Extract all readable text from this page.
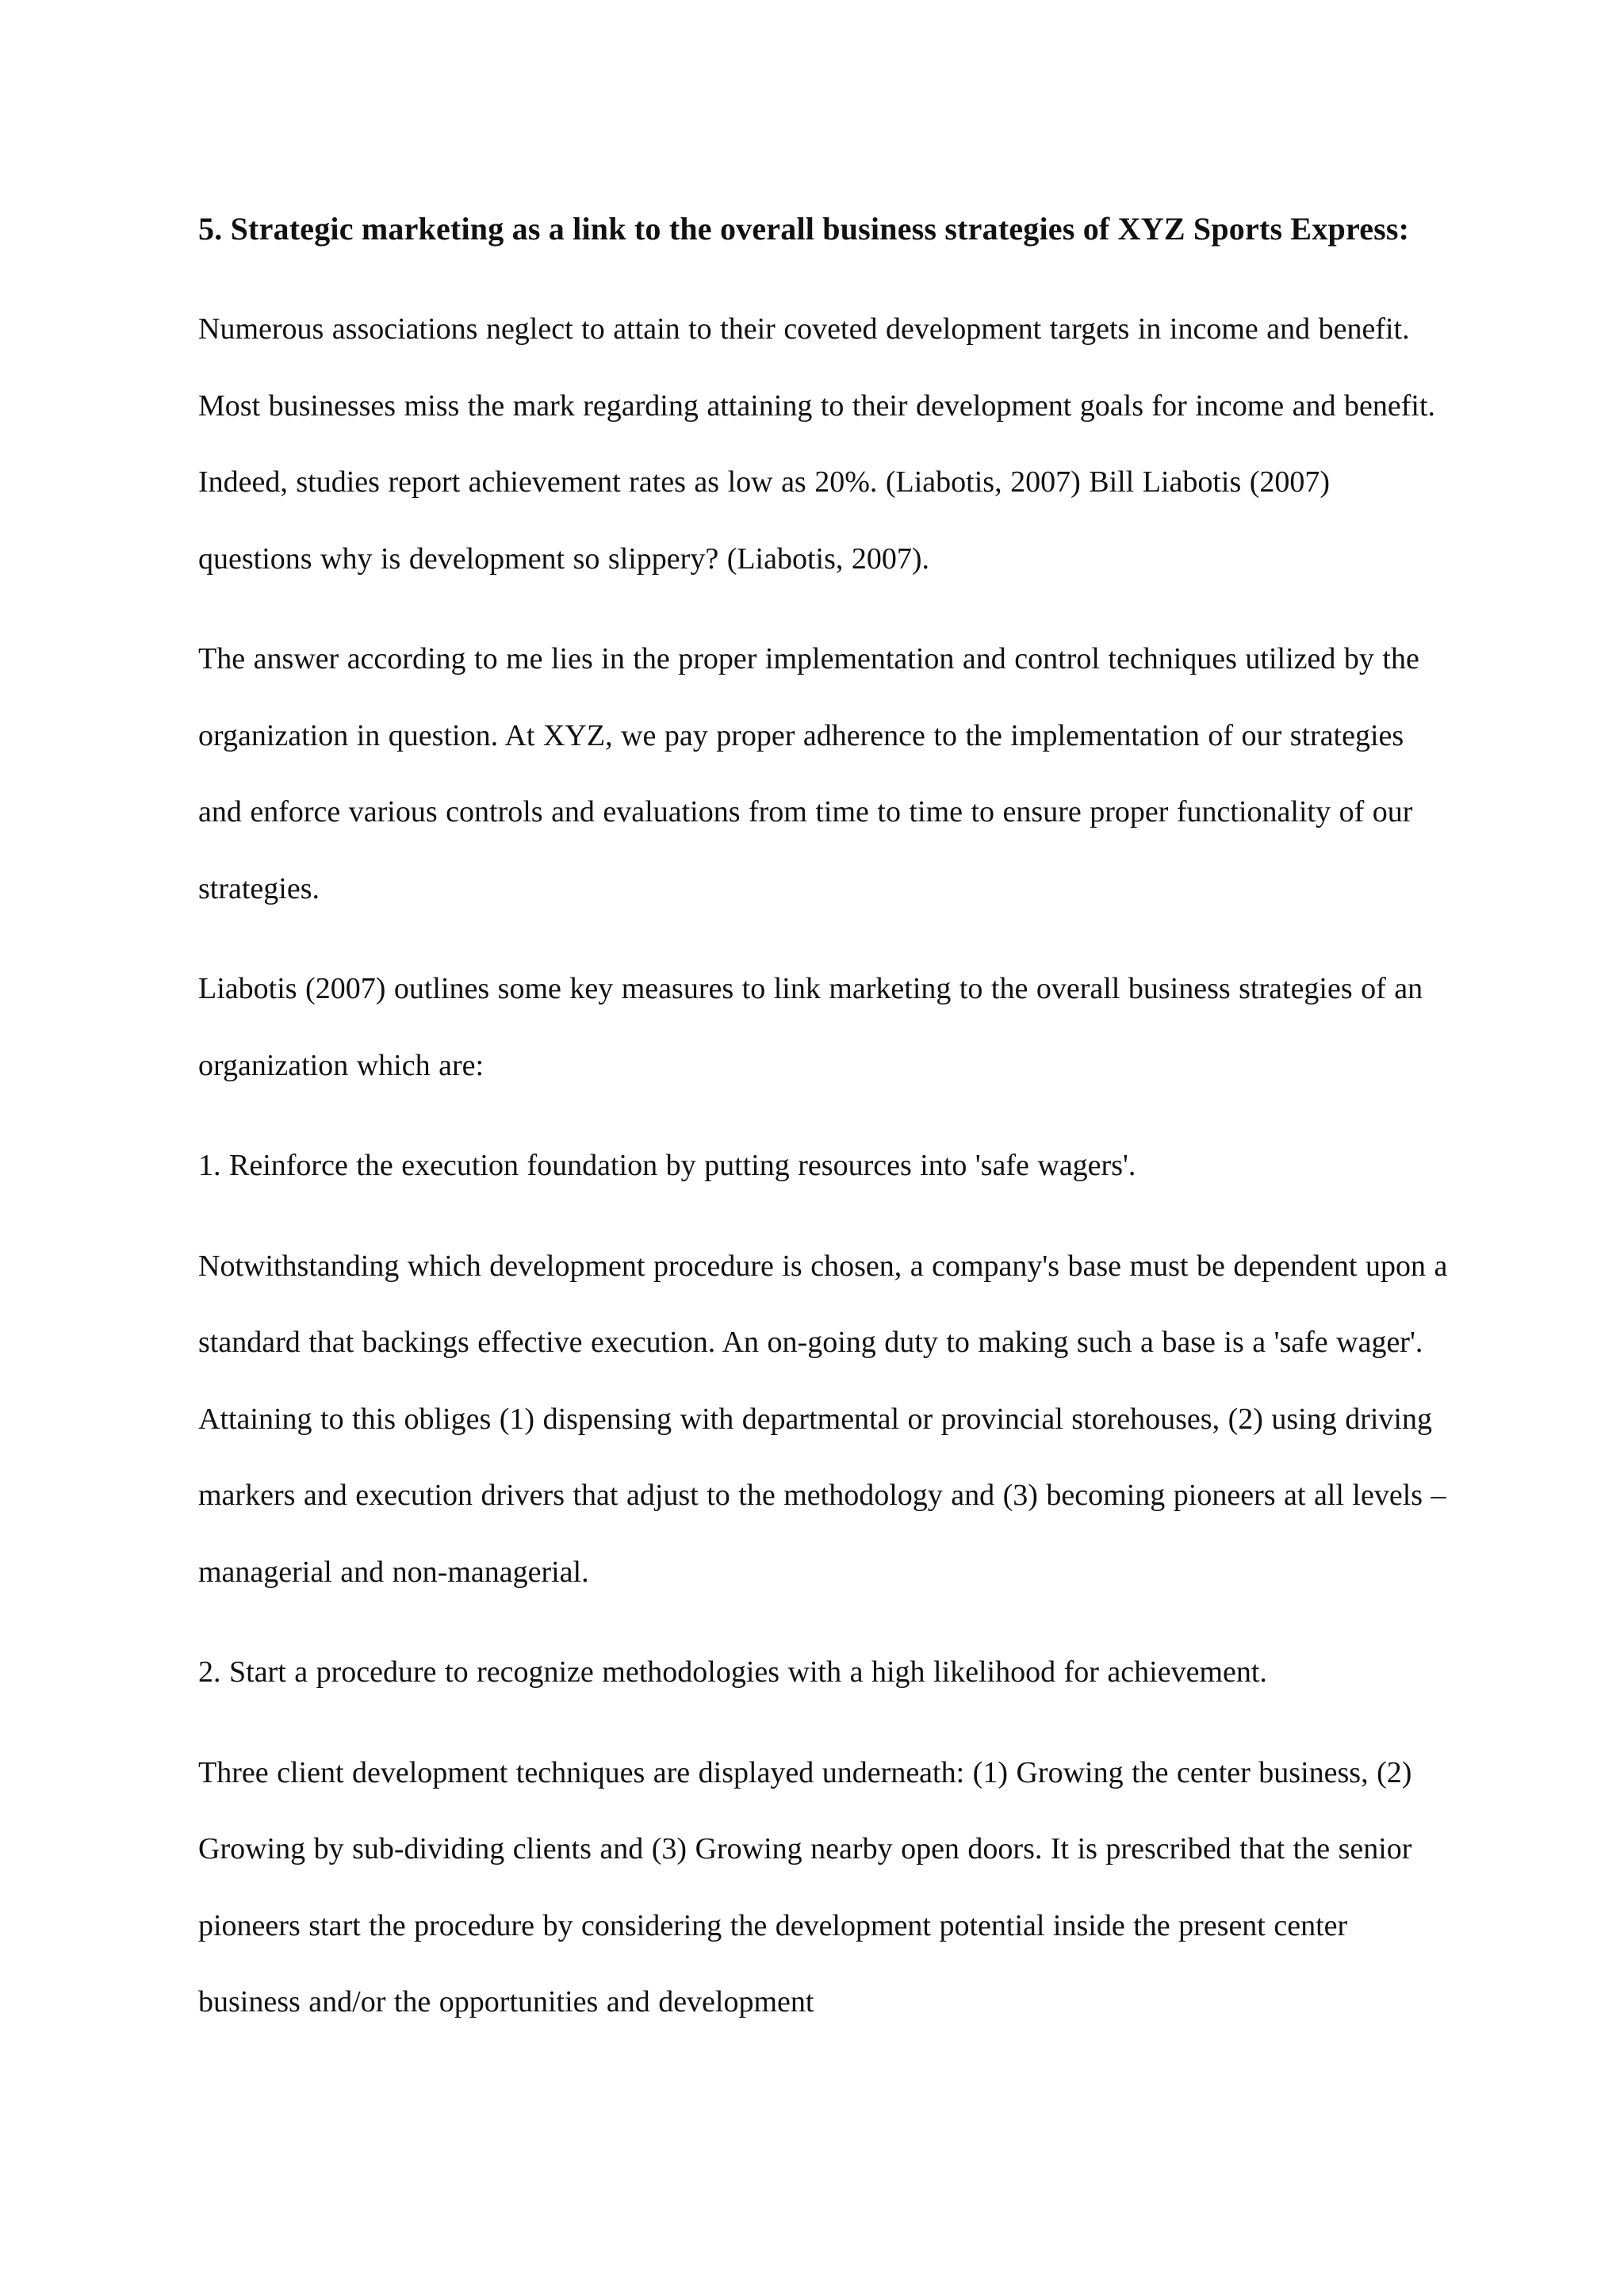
5. Strategic marketing as a link to the overall business strategies of XYZ Sports Express:

Numerous associations neglect to attain to their coveted development targets in income and benefit. Most businesses miss the mark regarding attaining to their development goals for income and benefit. Indeed, studies report achievement rates as low as 20%. (Liabotis, 2007) Bill Liabotis (2007) questions why is development so slippery? (Liabotis, 2007).

The answer according to me lies in the proper implementation and control techniques utilized by the organization in question. At XYZ, we pay proper adherence to the implementation of our strategies and enforce various controls and evaluations from time to time to ensure proper functionality of our strategies.

Liabotis (2007) outlines some key measures to link marketing to the overall business strategies of an organization which are:

1. Reinforce the execution foundation by putting resources into 'safe wagers'.

Notwithstanding which development procedure is chosen, a company's base must be dependent upon a standard that backings effective execution. An on-going duty to making such a base is a 'safe wager'. Attaining to this obliges (1) dispensing with departmental or provincial storehouses, (2) using driving markers and execution drivers that adjust to the methodology and (3) becoming pioneers at all levels – managerial and non-managerial.

2. Start a procedure to recognize methodologies with a high likelihood for achievement.

Three client development techniques are displayed underneath: (1) Growing the center business, (2) Growing by sub-dividing clients and (3) Growing nearby open doors. It is prescribed that the senior pioneers start the procedure by considering the development potential inside the present center business and/or the opportunities and development
